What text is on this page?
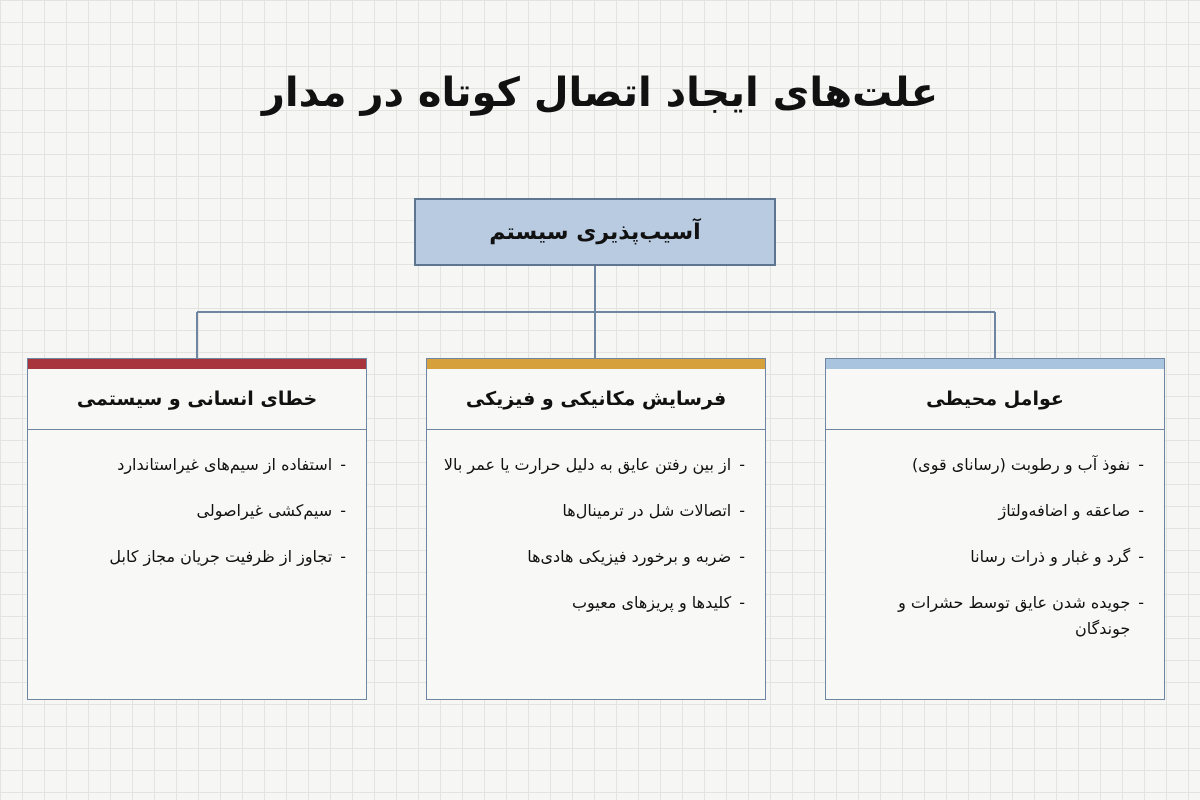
علت‌های ایجاد اتصال کوتاه در مدار
آسیب‌پذیری سیستم
عوامل محیطی
-
نفوذ آب و رطوبت (رسانای قوی)
-
صاعقه و اضافه‌ولتاژ
-
گرد و غبار و ذرات رسانا
-
جویده شدن عایق توسط حشرات و جوندگان
فرسایش مکانیکی و فیزیکی
-
از بین رفتن عایق به دلیل حرارت یا عمر بالا
-
اتصالات شل در ترمینال‌ها
-
ضربه و برخورد فیزیکی هادی‌ها
-
کلیدها و پریزهای معیوب
خطای انسانی و سیستمی
-
استفاده از سیم‌های غیراستاندارد
-
سیم‌کشی غیراصولی
-
تجاوز از ظرفیت جریان مجاز کابل
